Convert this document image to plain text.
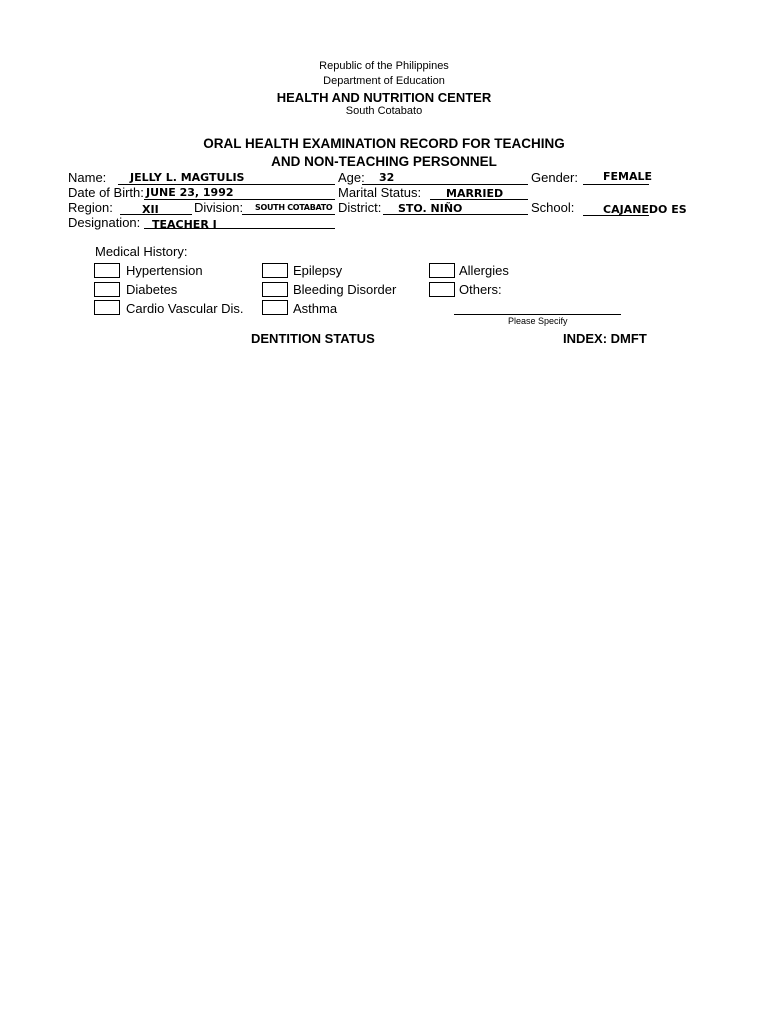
Republic of the Philippines
Department of Education
HEALTH AND NUTRITION CENTER
South Cotabato
ORAL HEALTH EXAMINATION RECORD FOR TEACHING
AND NON-TEACHING PERSONNEL
Name: JELLY L. MAGTULIS	Age: 32	Gender: FEMALE
Date of Birth: JUNE 23, 1992	Marital Status: MARRIED
Region:	XII	Division: SOUTH COTABATO District: STO. NIÑO	School:	CAJANEDO ES
Designation: TEACHER I
Medical History:
Hypertension	Epilepsy	Allergies
Diabetes	Bleeding Disorder	Others:
Cardio Vascular Dis.	Asthma
Please Specify
DENTITION STATUS	INDEX: DMFT
